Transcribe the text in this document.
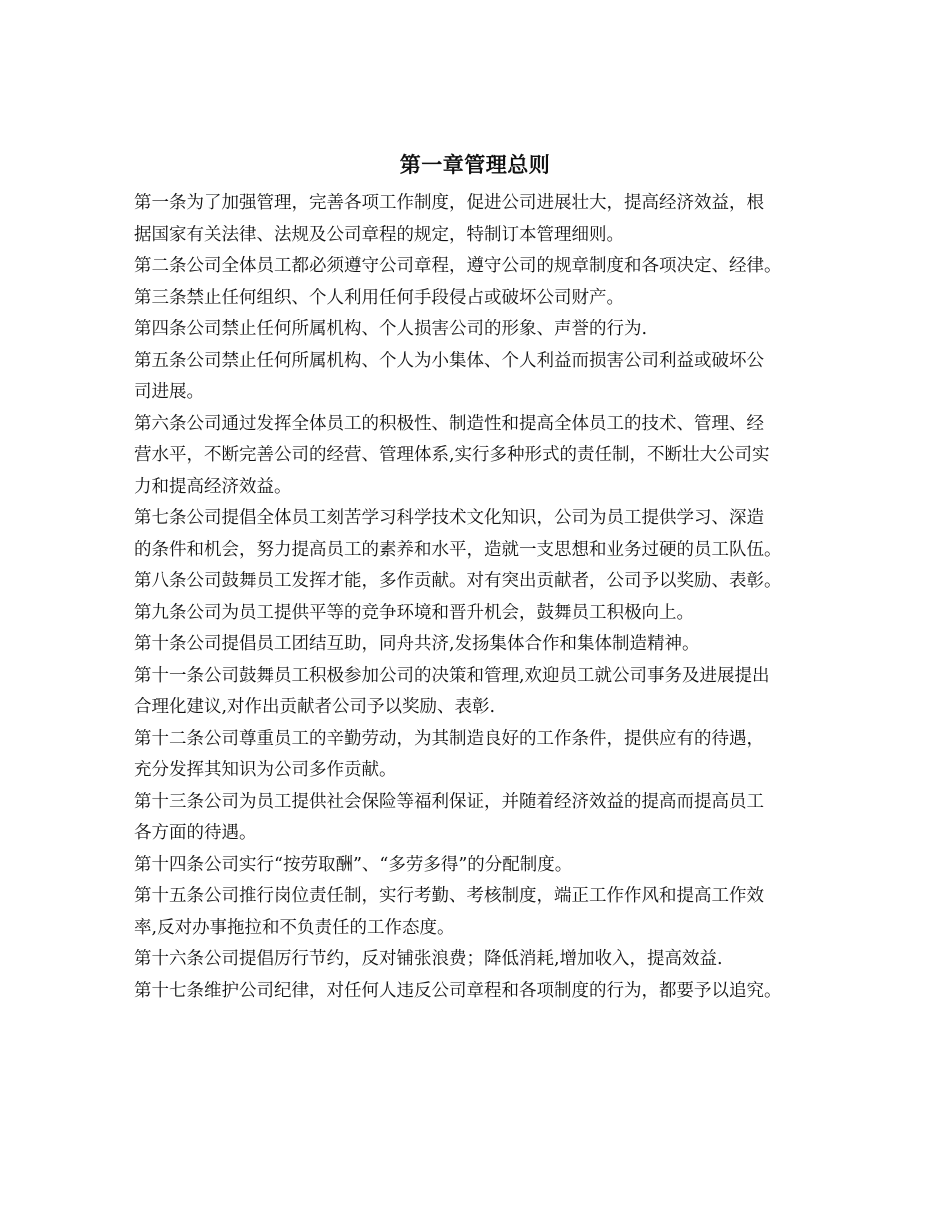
第一章管理总则

第一条为了加强管理，完善各项工作制度，促进公司进展壮大，提高经济效益，根
据国家有关法律、法规及公司章程的规定，特制订本管理细则。

第二条公司全体员工都必须遵守公司章程，遵守公司的规章制度和各项决定、经律。

第三条禁止任何组织、个人利用任何手段侵占或破坏公司财产。

第四条公司禁止任何所属机构、个人损害公司的形象、声誉的行为.

第五条公司禁止任何所属机构、个人为小集体、个人利益而损害公司利益或破坏公
司进展。

第六条公司通过发挥全体员工的积极性、制造性和提高全体员工的技术、管理、经
营水平，不断完善公司的经营、管理体系,实行多种形式的责任制，不断壮大公司实
力和提高经济效益。

第七条公司提倡全体员工刻苦学习科学技术文化知识，公司为员工提供学习、深造
的条件和机会，努力提高员工的素养和水平，造就一支思想和业务过硬的员工队伍。

第八条公司鼓舞员工发挥才能，多作贡献。对有突出贡献者，公司予以奖励、表彰。

第九条公司为员工提供平等的竞争环境和晋升机会，鼓舞员工积极向上。

第十条公司提倡员工团结互助，同舟共济,发扬集体合作和集体制造精神。

第十一条公司鼓舞员工积极参加公司的决策和管理,欢迎员工就公司事务及进展提出
合理化建议,对作出贡献者公司予以奖励、表彰.

第十二条公司尊重员工的辛勤劳动，为其制造良好的工作条件，提供应有的待遇，
充分发挥其知识为公司多作贡献。

第十三条公司为员工提供社会保险等福利保证，并随着经济效益的提高而提高员工
各方面的待遇。

第十四条公司实行“按劳取酬”、“多劳多得”的分配制度。

第十五条公司推行岗位责任制，实行考勤、考核制度，端正工作作风和提高工作效
率,反对办事拖拉和不负责任的工作态度。

第十六条公司提倡厉行节约，反对铺张浪费；降低消耗,增加收入，提高效益.

第十七条维护公司纪律，对任何人违反公司章程和各项制度的行为，都要予以追究。
